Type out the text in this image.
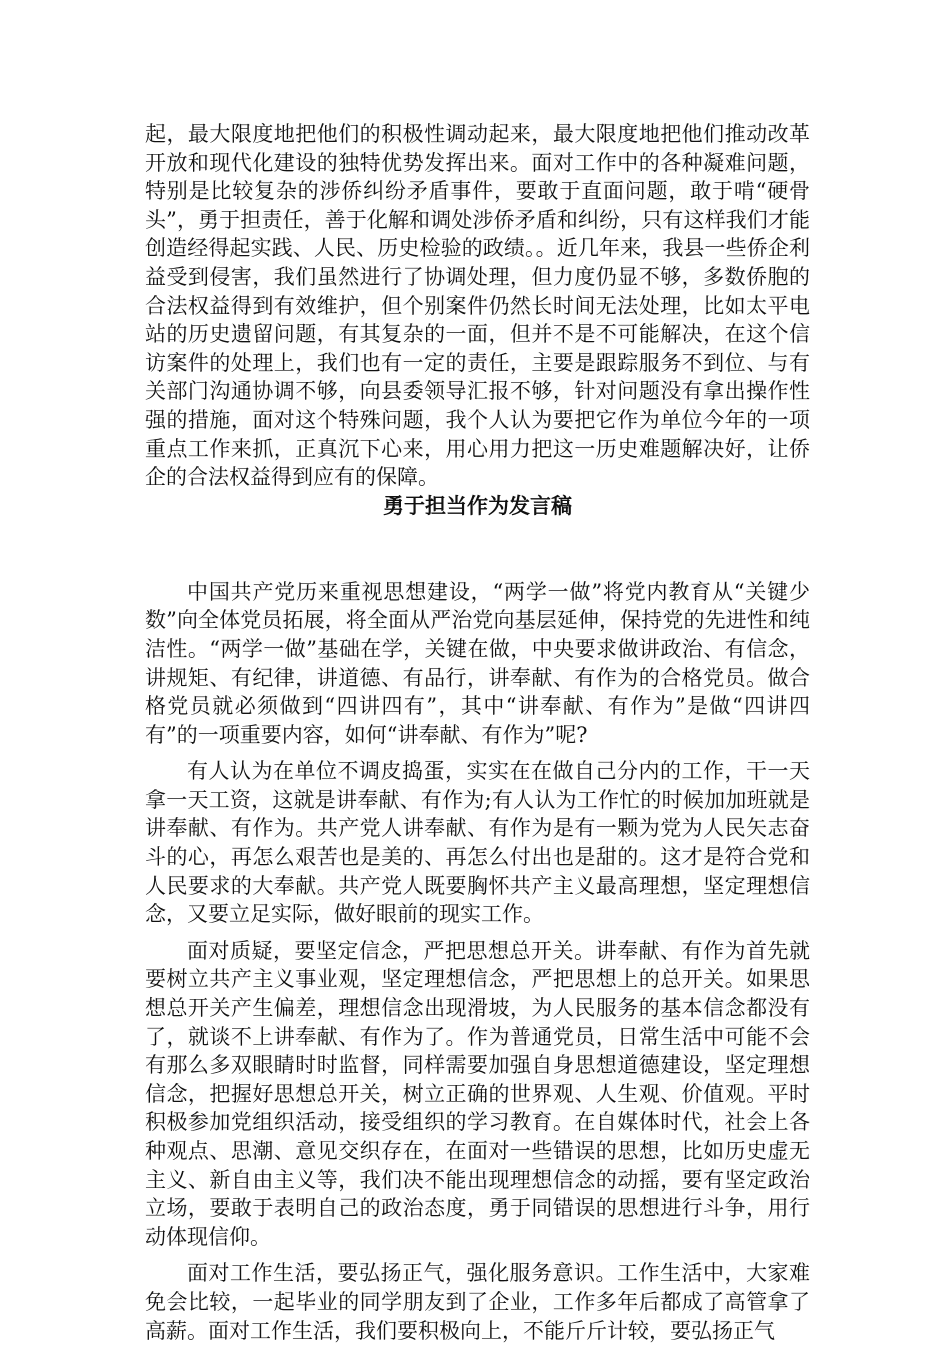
起，最大限度地把他们的积极性调动起来，最大限度地把他们推动改革开放和现代化建设的独特优势发挥出来。面对工作中的各种凝难问题，特别是比较复杂的涉侨纠纷矛盾事件，要敢于直面问题，敢于啃“硬骨头”，勇于担责任，善于化解和调处涉侨矛盾和纠纷，只有这样我们才能创造经得起实践、人民、历史检验的政绩。。近几年来，我县一些侨企利益受到侵害，我们虽然进行了协调处理，但力度仍显不够，多数侨胞的合法权益得到有效维护，但个别案件仍然长时间无法处理，比如太平电站的历史遗留问题，有其复杂的一面，但并不是不可能解决，在这个信访案件的处理上，我们也有一定的责任，主要是跟踪服务不到位、与有关部门沟通协调不够，向县委领导汇报不够，针对问题没有拿出操作性强的措施，面对这个特殊问题，我个人认为要把它作为单位今年的一项重点工作来抓，正真沉下心来，用心用力把这一历史难题解决好，让侨企的合法权益得到应有的保障。

勇于担当作为发言稿

中国共产党历来重视思想建设，“两学一做”将党内教育从“关键少数”向全体党员拓展，将全面从严治党向基层延伸，保持党的先进性和纯洁性。“两学一做”基础在学，关键在做，中央要求做讲政治、有信念，讲规矩、有纪律，讲道德、有品行，讲奉献、有作为的合格党员。做合格党员就必须做到“四讲四有”，其中“讲奉献、有作为”是做“四讲四有”的一项重要内容，如何“讲奉献、有作为”呢?

有人认为在单位不调皮捣蛋，实实在在做自己分内的工作，干一天拿一天工资，这就是讲奉献、有作为;有人认为工作忙的时候加加班就是讲奉献、有作为。共产党人讲奉献、有作为是有一颗为党为人民矢志奋斗的心，再怎么艰苦也是美的、再怎么付出也是甜的。这才是符合党和人民要求的大奉献。共产党人既要胸怀共产主义最高理想，坚定理想信念，又要立足实际，做好眼前的现实工作。

面对质疑，要坚定信念，严把思想总开关。讲奉献、有作为首先就要树立共产主义事业观，坚定理想信念，严把思想上的总开关。如果思想总开关产生偏差，理想信念出现滑坡，为人民服务的基本信念都没有了，就谈不上讲奉献、有作为了。作为普通党员，日常生活中可能不会有那么多双眼睛时时监督，同样需要加强自身思想道德建设，坚定理想信念，把握好思想总开关，树立正确的世界观、人生观、价值观。平时积极参加党组织活动，接受组织的学习教育。在自媒体时代，社会上各种观点、思潮、意见交织存在，在面对一些错误的思想，比如历史虚无主义、新自由主义等，我们决不能出现理想信念的动摇，要有坚定政治立场，要敢于表明自己的政治态度，勇于同错误的思想进行斗争，用行动体现信仰。

面对工作生活，要弘扬正气，强化服务意识。工作生活中，大家难免会比较，一起毕业的同学朋友到了企业，工作多年后都成了高管拿了高薪。面对工作生活，我们要积极向上，不能斤斤计较，要弘扬正气
